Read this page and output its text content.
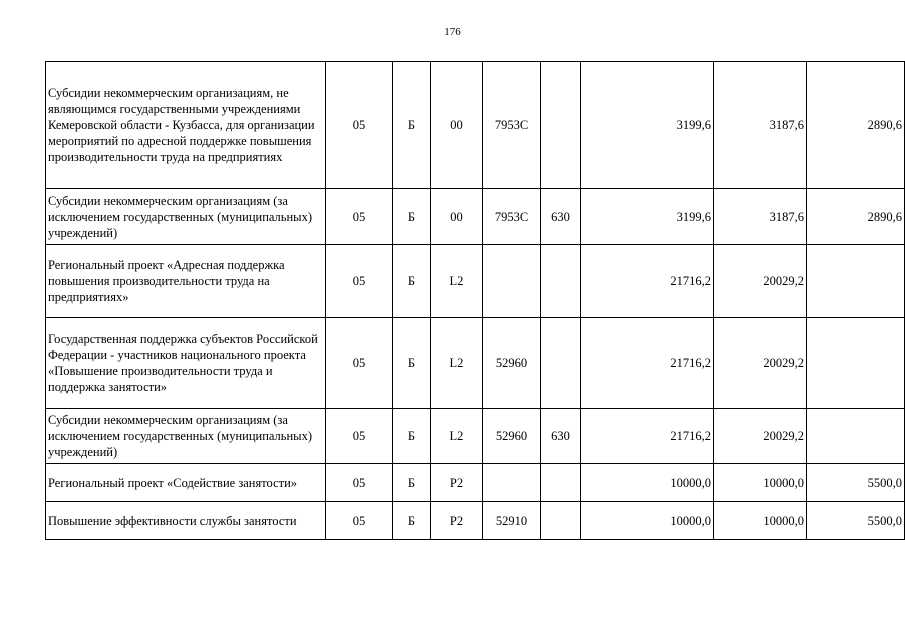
176
Субсидии некоммерческим организациям, не являющимся государственными учреждениями Кемеровской области - Кузбасса, для организации мероприятий по адресной поддержке повышения производительности труда на предприятиях	05	Б	00	7953С		3199,6	3187,6	2890,6
Субсидии некоммерческим организациям (за исключением государственных (муниципальных) учреждений)	05	Б	00	7953С	630	3199,6	3187,6	2890,6
Региональный проект «Адресная поддержка повышения производительности труда на предприятиях»	05	Б	L2			21716,2	20029,2	
Государственная поддержка субъектов Российской Федерации - участников национального проекта «Повышение производительности труда и поддержка занятости»	05	Б	L2	52960		21716,2	20029,2	
Субсидии некоммерческим организациям (за исключением государственных (муниципальных) учреждений)	05	Б	L2	52960	630	21716,2	20029,2	
Региональный проект «Содействие занятости»	05	Б	P2			10000,0	10000,0	5500,0
Повышение эффективности службы занятости	05	Б	P2	52910		10000,0	10000,0	5500,0
